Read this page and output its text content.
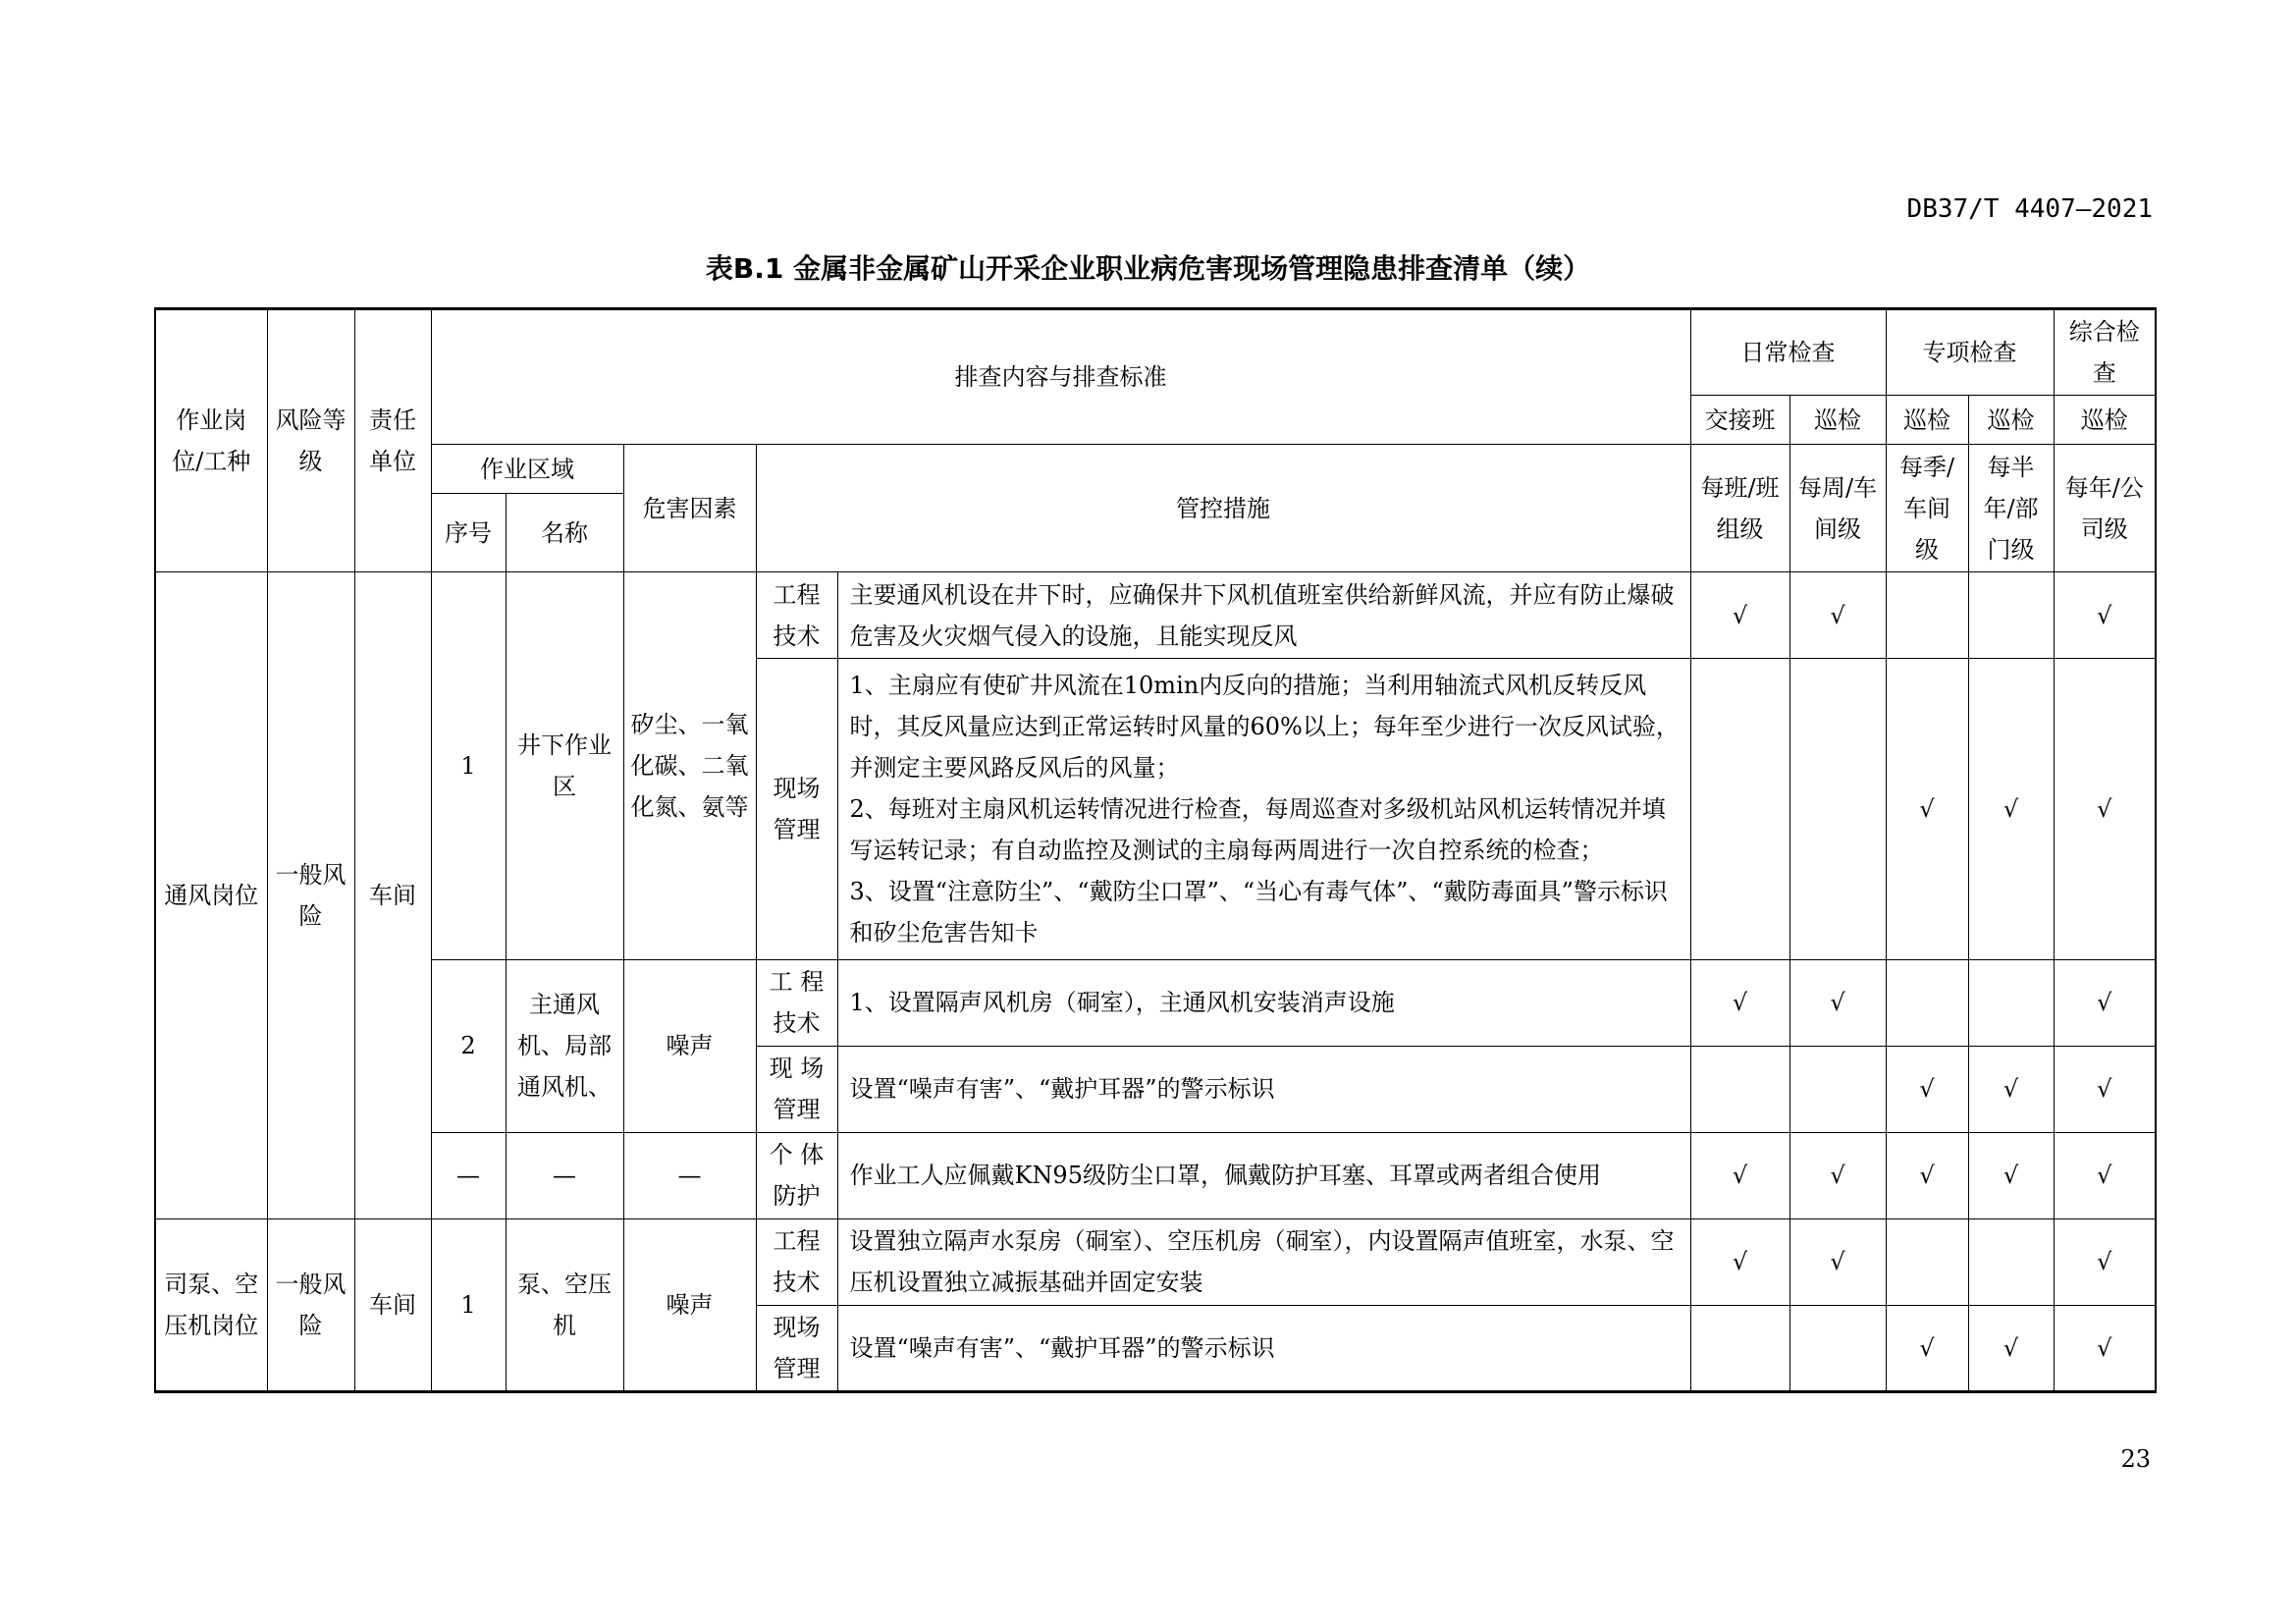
DB37/T 4407—2021
表B.1 金属非金属矿山开采企业职业病危害现场管理隐患排查清单（续）
作业岗位/工种	风险等级	责任单位	排查内容与排查标准					日常检查		专项检查		综合检查
								交接班	巡检	巡检	巡检	巡检
			作业区域		危害因素	管控措施		每班/班组级	每周/车间级	每季/车间级	每半年/部门级	每年/公司级
			序号	名称								
通风岗位	一般风险	车间	1	井下作业区	矽尘、一氧化碳、二氧化氮、氨等	工程技术	主要通风机设在井下时，应确保井下风机值班室供给新鲜风流，并应有防止爆破危害及火灾烟气侵入的设施，且能实现反风	√	√			√
						现场管理	1、主扇应有使矿井风流在10min内反向的措施；当利用轴流式风机反转反风时，其反风量应达到正常运转时风量的60%以上；每年至少进行一次反风试验，并测定主要风路反风后的风量；
2、每班对主扇风机运转情况进行检查，每周巡查对多级机站风机运转情况并填写运转记录；有自动监控及测试的主扇每两周进行一次自控系统的检查；
3、设置“注意防尘”、“戴防尘口罩”、“当心有毒气体”、“戴防毒面具”警示标识和矽尘危害告知卡			√	√	√
			2	主通风机、局部通风机、	噪声	工 程技术	1、设置隔声风机房（硐室），主通风机安装消声设施	√	√			√
						现 场管理	设置“噪声有害”、“戴护耳器”的警示标识			√	√	√
			—	—	—	个 体防护	作业工人应佩戴KN95级防尘口罩，佩戴防护耳塞、耳罩或两者组合使用	√	√	√	√	√
司泵、空压机岗位	一般风险	车间	1	泵、空压机	噪声	工程技术	设置独立隔声水泵房（硐室）、空压机房（硐室），内设置隔声值班室，水泵、空压机设置独立减振基础并固定安装	√	√			√
						现场管理	设置“噪声有害”、“戴护耳器”的警示标识			√	√	√
23
